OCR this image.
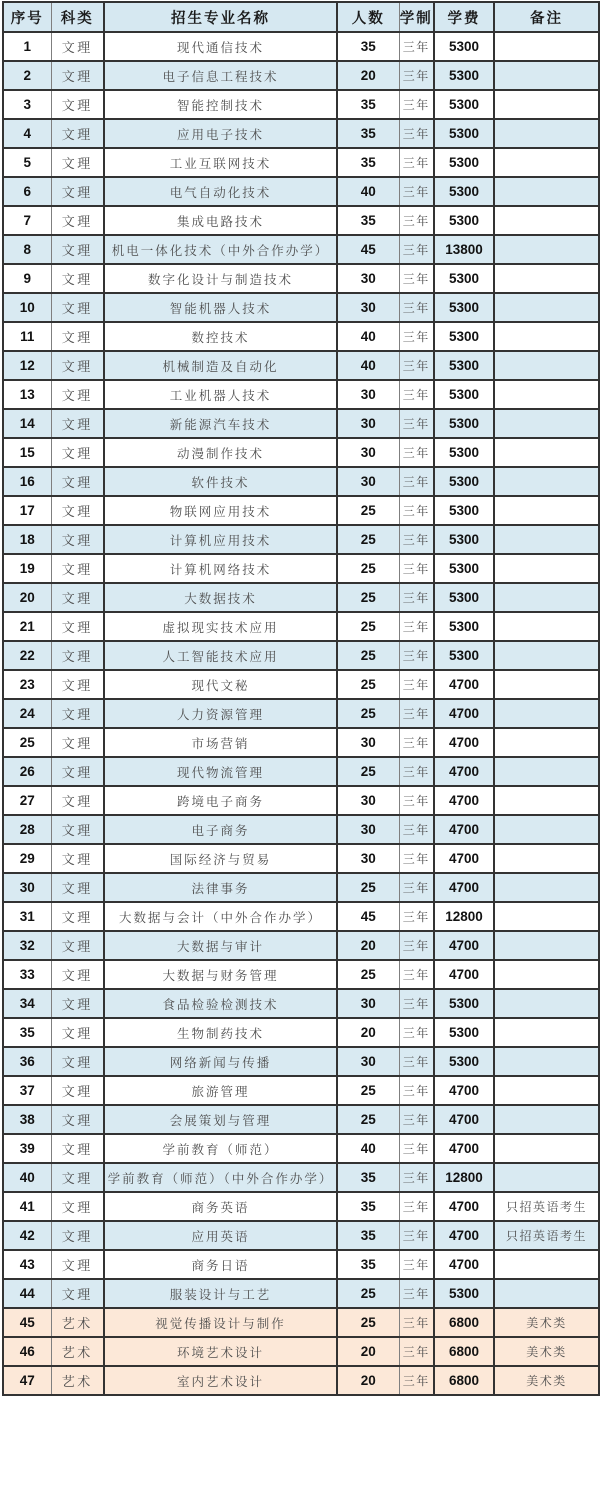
序号	科类	招生专业名称	人数	学制	学费	备注
1	文理	现代通信技术	35	三年	5300	
2	文理	电子信息工程技术	20	三年	5300	
3	文理	智能控制技术	35	三年	5300	
4	文理	应用电子技术	35	三年	5300	
5	文理	工业互联网技术	35	三年	5300	
6	文理	电气自动化技术	40	三年	5300	
7	文理	集成电路技术	35	三年	5300	
8	文理	机电一体化技术（中外合作办学）	45	三年	13800	
9	文理	数字化设计与制造技术	30	三年	5300	
10	文理	智能机器人技术	30	三年	5300	
11	文理	数控技术	40	三年	5300	
12	文理	机械制造及自动化	40	三年	5300	
13	文理	工业机器人技术	30	三年	5300	
14	文理	新能源汽车技术	30	三年	5300	
15	文理	动漫制作技术	30	三年	5300	
16	文理	软件技术	30	三年	5300	
17	文理	物联网应用技术	25	三年	5300	
18	文理	计算机应用技术	25	三年	5300	
19	文理	计算机网络技术	25	三年	5300	
20	文理	大数据技术	25	三年	5300	
21	文理	虚拟现实技术应用	25	三年	5300	
22	文理	人工智能技术应用	25	三年	5300	
23	文理	现代文秘	25	三年	4700	
24	文理	人力资源管理	25	三年	4700	
25	文理	市场营销	30	三年	4700	
26	文理	现代物流管理	25	三年	4700	
27	文理	跨境电子商务	30	三年	4700	
28	文理	电子商务	30	三年	4700	
29	文理	国际经济与贸易	30	三年	4700	
30	文理	法律事务	25	三年	4700	
31	文理	大数据与会计（中外合作办学）	45	三年	12800	
32	文理	大数据与审计	20	三年	4700	
33	文理	大数据与财务管理	25	三年	4700	
34	文理	食品检验检测技术	30	三年	5300	
35	文理	生物制药技术	20	三年	5300	
36	文理	网络新闻与传播	30	三年	5300	
37	文理	旅游管理	25	三年	4700	
38	文理	会展策划与管理	25	三年	4700	
39	文理	学前教育（师范）	40	三年	4700	
40	文理	学前教育（师范）（中外合作办学）	35	三年	12800	
41	文理	商务英语	35	三年	4700	只招英语考生
42	文理	应用英语	35	三年	4700	只招英语考生
43	文理	商务日语	35	三年	4700	
44	文理	服装设计与工艺	25	三年	5300	
45	艺术	视觉传播设计与制作	25	三年	6800	美术类
46	艺术	环境艺术设计	20	三年	6800	美术类
47	艺术	室内艺术设计	20	三年	6800	美术类
